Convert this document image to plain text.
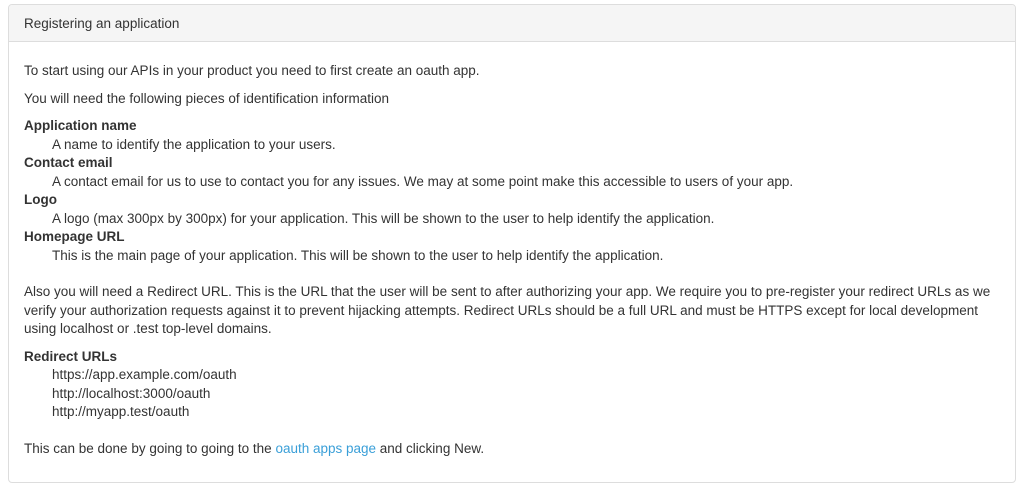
Registering an application

To start using our APIs in your product you need to first create an oauth app.

You will need the following pieces of identification information

Application name
A name to identify the application to your users.
Contact email
A contact email for us to use to contact you for any issues. We may at some point make this accessible to users of your app.
Logo
A logo (max 300px by 300px) for your application. This will be shown to the user to help identify the application.
Homepage URL
This is the main page of your application. This will be shown to the user to help identify the application.

Also you will need a Redirect URL. This is the URL that the user will be sent to after authorizing your app. We require you to pre-register your redirect URLs as we verify your authorization requests against it to prevent hijacking attempts. Redirect URLs should be a full URL and must be HTTPS except for local development using localhost or .test top-level domains.

Redirect URLs
https://app.example.com/oauth
http://localhost:3000/oauth
http://myapp.test/oauth

This can be done by going to going to the oauth apps page and clicking New.
